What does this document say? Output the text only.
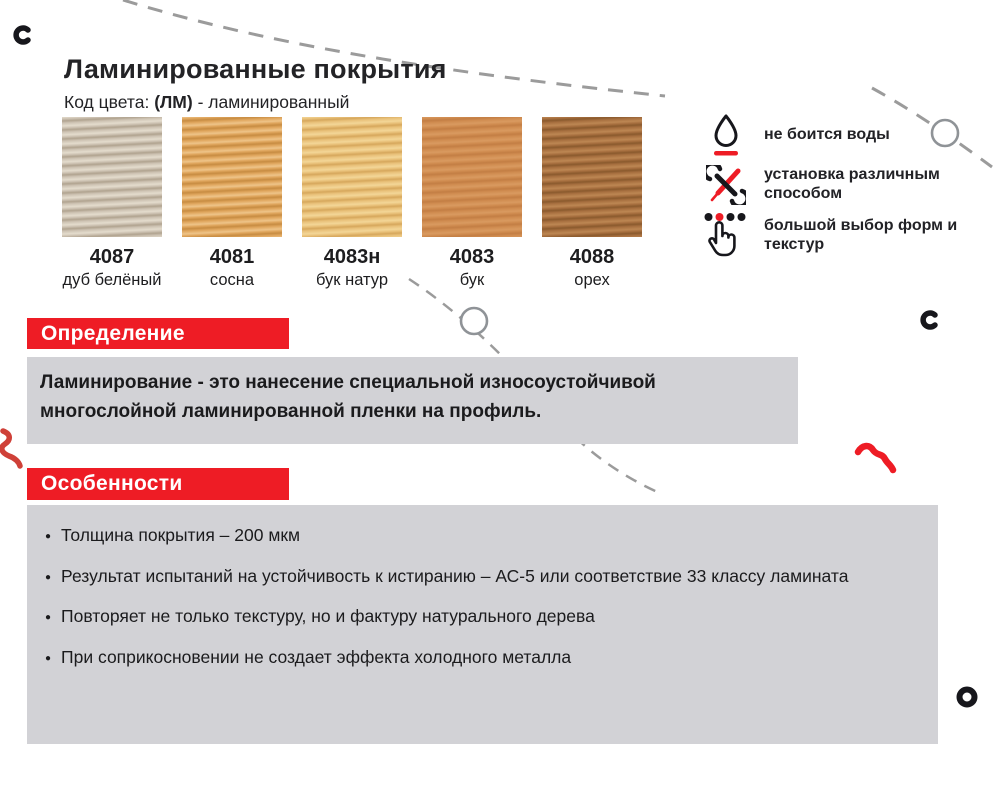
Ламинированные покрытия
Код цвета: (ЛМ) - ламинированный
4087
дуб белёный
4081
сосна
4083н
бук натур
4083
бук
4088
орех
не боится воды
установка различным способом
большой выбор форм и текстур
Определение
Ламинирование - это нанесение специальной износоустойчивой многослойной ламинированной пленки на профиль.
Особенности
● Толщина покрытия – 200 мкм
● Результат испытаний на устойчивость к истиранию – АС-5 или соответствие 33 классу ламината
● Повторяет не только текстуру, но и фактуру натурального дерева
● При соприкосновении не создает эффекта холодного металла
